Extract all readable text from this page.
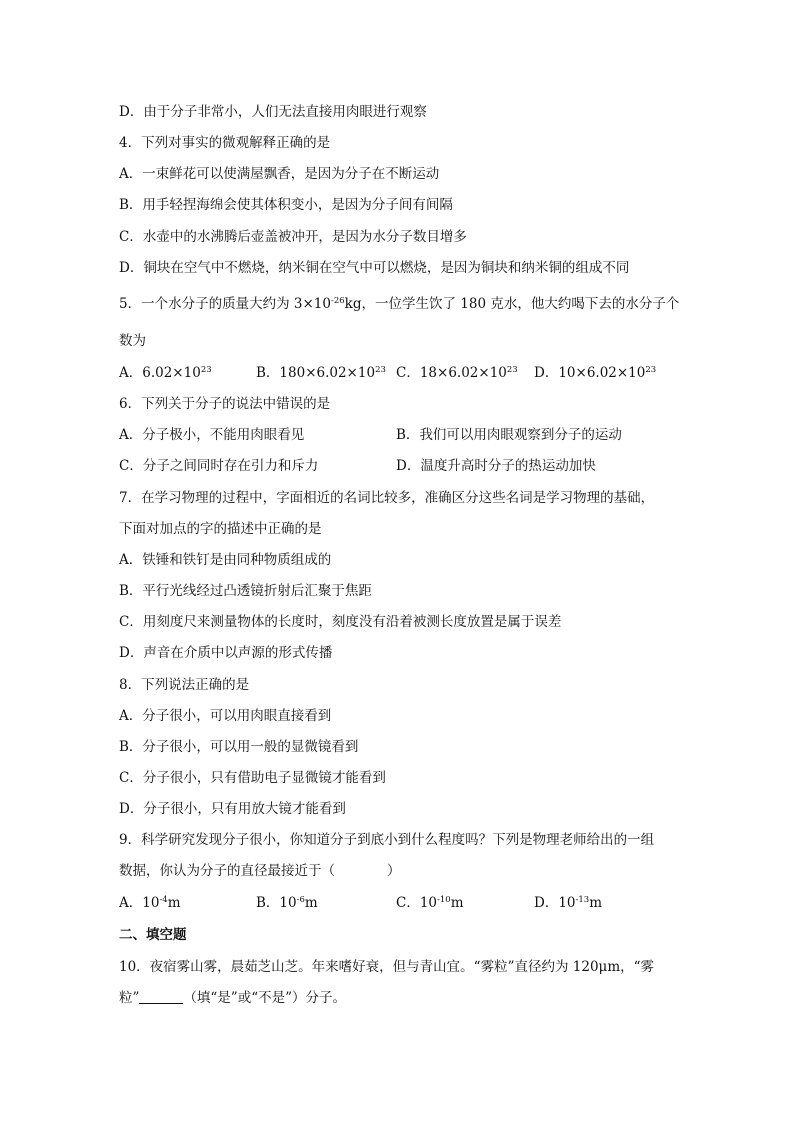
D．由于分子非常小，人们无法直接用肉眼进行观察
4．下列对事实的微观解释正确的是
A．一束鲜花可以使满屋飘香，是因为分子在不断运动
B．用手轻捏海绵会使其体积变小，是因为分子间有间隔
C．水壶中的水沸腾后壶盖被冲开，是因为水分子数目增多
D．铜块在空气中不燃烧，纳米铜在空气中可以燃烧，是因为铜块和纳米铜的组成不同
5．一个水分子的质量大约为 $3\times 10^{-26}kg$，一位学生饮了 180 克水，他大约喝下去的水分子个
数为
A．$6.02\times 10^{23}$	B．$180\times 6.02\times 10^{23}$ C．$18\times 6.02\times 10^{23}$ D．$10\times 6.02\times 10^{23}$
6．下列关于分子的说法中错误的是
A．分子极小，不能用肉眼看见	B．我们可以用肉眼观察到分子的运动
C．分子之间同时存在引力和斥力	D．温度升高时分子的热运动加快
7．在学习物理的过程中，字面相近的名词比较多，准确区分这些名词是学习物理的基础，
下面对加点的字的描述中正确的是
A．铁锤和铁钉是由同种物质组成的
B．平行光线经过凸透镜折射后汇聚于焦距
C．用刻度尺来测量物体的长度时，刻度没有沿着被测长度放置是属于误差
D．声音在介质中以声源的形式传播
8．下列说法正确的是
A．分子很小，可以用肉眼直接看到
B．分子很小，可以用一般的显微镜看到
C．分子很小，只有借助电子显微镜才能看到
D．分子很小，只有用放大镜才能看到
9．科学研究发现分子很小，你知道分子到底小到什么程度吗？下列是物理老师给出的一组
数据，你认为分子的直径最接近于（	）
A．$10^{-4}m$	B．$10^{-6}m$	C．$10^{-10}m$	D．$10^{-13}m$
二、填空题
10．夜宿雾山雾，晨茹芝山芝。年来嗜好衰，但与青山宜。“雾粒”直径约为 120μm，“雾
粒”	（填“是”或“不是”）分子。
